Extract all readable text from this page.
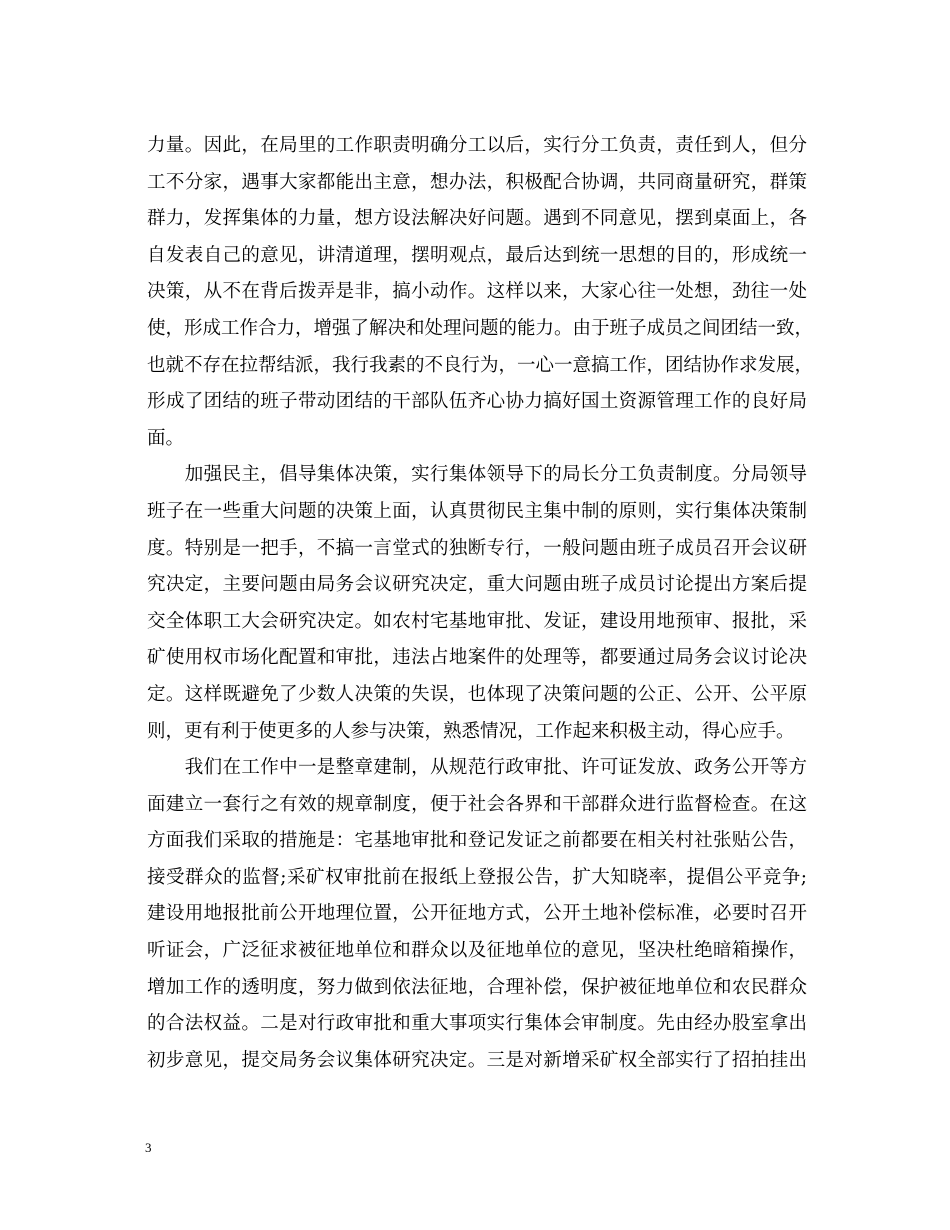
力量。因此，在局里的工作职责明确分工以后，实行分工负责，责任到人，但分
工不分家，遇事大家都能出主意，想办法，积极配合协调，共同商量研究，群策
群力，发挥集体的力量，想方设法解决好问题。遇到不同意见，摆到桌面上，各
自发表自己的意见，讲清道理，摆明观点，最后达到统一思想的目的，形成统一
决策，从不在背后拨弄是非，搞小动作。这样以来，大家心往一处想，劲往一处
使，形成工作合力，增强了解决和处理问题的能力。由于班子成员之间团结一致，
也就不存在拉帮结派，我行我素的不良行为，一心一意搞工作，团结协作求发展，
形成了团结的班子带动团结的干部队伍齐心协力搞好国土资源管理工作的良好局
面。
　　加强民主，倡导集体决策，实行集体领导下的局长分工负责制度。分局领导
班子在一些重大问题的决策上面，认真贯彻民主集中制的原则，实行集体决策制
度。特别是一把手，不搞一言堂式的独断专行，一般问题由班子成员召开会议研
究决定，主要问题由局务会议研究决定，重大问题由班子成员讨论提出方案后提
交全体职工大会研究决定。如农村宅基地审批、发证，建设用地预审、报批，采
矿使用权市场化配置和审批，违法占地案件的处理等，都要通过局务会议讨论决
定。这样既避免了少数人决策的失误，也体现了决策问题的公正、公开、公平原
则，更有利于使更多的人参与决策，熟悉情况，工作起来积极主动，得心应手。
　　我们在工作中一是整章建制，从规范行政审批、许可证发放、政务公开等方
面建立一套行之有效的规章制度，便于社会各界和干部群众进行监督检查。在这
方面我们采取的措施是：宅基地审批和登记发证之前都要在相关村社张贴公告，
接受群众的监督;采矿权审批前在报纸上登报公告，扩大知晓率，提倡公平竞争;
建设用地报批前公开地理位置，公开征地方式，公开土地补偿标准，必要时召开
听证会，广泛征求被征地单位和群众以及征地单位的意见，坚决杜绝暗箱操作，
增加工作的透明度，努力做到依法征地，合理补偿，保护被征地单位和农民群众
的合法权益。二是对行政审批和重大事项实行集体会审制度。先由经办股室拿出
初步意见，提交局务会议集体研究决定。三是对新增采矿权全部实行了招拍挂出
3
